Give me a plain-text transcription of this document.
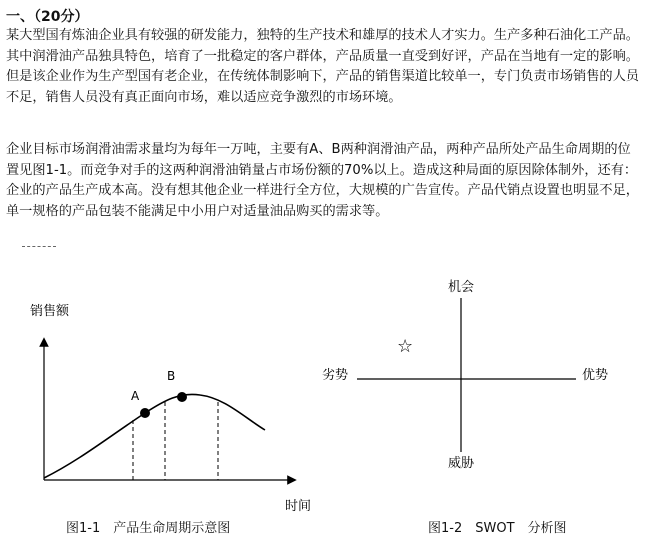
一、（20分）

某大型国有炼油企业具有较强的研发能力，独特的生产技术和雄厚的技术人才实力。生产多种石油化工产品。其中润滑油产品独具特色，培育了一批稳定的客户群体，产品质量一直受到好评，产品在当地有一定的影响。但是该企业作为生产型国有老企业，在传统体制影响下，产品的销售渠道比较单一，专门负责市场销售的人员不足，销售人员没有真正面向市场，难以适应竞争激烈的市场环境。

企业目标市场润滑油需求量均为每年一万吨，主要有A、B两种润滑油产品，两种产品所处产品生命周期的位置见图1-1。而竞争对手的这两种润滑油销量占市场份额的70%以上。造成这种局面的原因除体制外，还有：企业的产品生产成本高。没有想其他企业一样进行全方位，大规模的广告宣传。产品代销点设置也明显不足，单一规格的产品包装不能满足中小用户对适量油品购买的需求等。

A
B
销售额
时间
机会
威胁
劣势	优势
☆
图1-1　产品生命周期示意图	图1-2　SWOT　分析图
